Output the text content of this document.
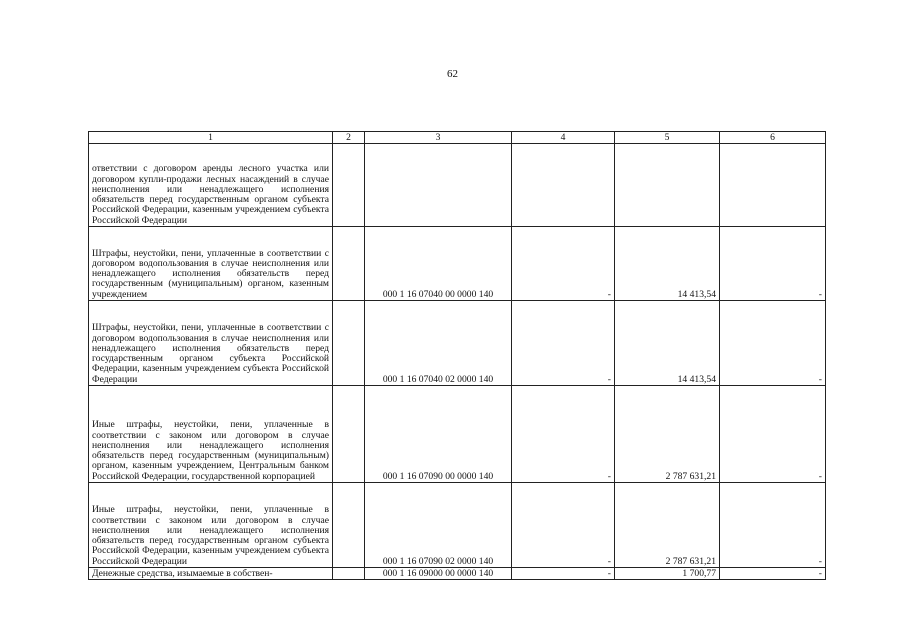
62
1	2	3	4	5	6
ответствии с договором аренды лесного участка или договором купли-продажи лесных насаждений в случае неисполнения или ненадлежащего исполнения обязательств перед государственным органом субъекта Российской Федерации, казенным учреждением субъекта Российской Федерации					
Штрафы, неустойки, пени, уплаченные в соответствии с договором водопользования в случае неисполнения или ненадлежащего исполнения обязательств перед государственным (муниципальным) органом, казенным учреждением		000 1 16 07040 00 0000 140	-	14 413,54	-
Штрафы, неустойки, пени, уплаченные в соответствии с договором водопользования в случае неисполнения или ненадлежащего исполнения обязательств перед государственным органом субъекта Российской Федерации, казенным учреждением субъекта Российской Федерации		000 1 16 07040 02 0000 140	-	14 413,54	-
Иные штрафы, неустойки, пени, уплаченные в соответствии с законом или договором в случае неисполнения или ненадлежащего исполнения обязательств перед государственным (муниципальным) органом, казенным учреждением, Центральным банком Российской Федерации, государственной корпорацией		000 1 16 07090 00 0000 140	-	2 787 631,21	-
Иные штрафы, неустойки, пени, уплаченные в соответствии с законом или договором в случае неисполнения или ненадлежащего исполнения обязательств перед государственным органом субъекта Российской Федерации, казенным учреждением субъекта Российской Федерации		000 1 16 07090 02 0000 140	-	2 787 631,21	-
Денежные средства, изымаемые в собствен-		000 1 16 09000 00 0000 140	-	1 700,77	-
